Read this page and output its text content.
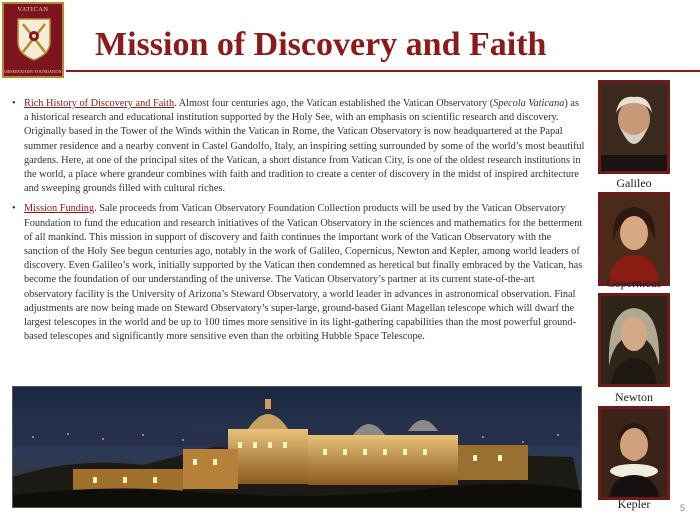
VATICAN
OBSERVATORY FOUNDATION
Mission of Discovery and Faith
• Rich History of Discovery and Faith. Almost four centuries ago, the Vatican established the Vatican Observatory (Specola Vaticana) as a historical research and educational institution supported by the Holy See, with an emphasis on scientific research and discovery. Originally based in the Tower of the Winds within the Vatican in Rome, the Vatican Observatory is now headquartered at the Papal summer residence and a nearby convent in Castel Gandolfo, Italy, an inspiring setting surrounded by some of the world’s most beautiful gardens. Here, at one of the principal sites of the Vatican, a short distance from Vatican City, is one of the oldest research institutions in the world, a place where grandeur combines with faith and tradition to create a center of discovery in the midst of inspired architecture and sweeping grounds filled with cultural riches.
• Mission Funding. Sale proceeds from Vatican Observatory Foundation Collection products will be used by the Vatican Observatory Foundation to fund the education and research initiatives of the Vatican Observatory in the sciences and mathematics for the betterment of all mankind. This mission in support of discovery and faith continues the important work of the Vatican Observatory with the sanction of the Holy See begun centuries ago, notably in the work of Galileo, Copernicus, Newton and Kepler, among world leaders of discovery. Even Galileo’s work, initially supported by the Vatican then condemned as heretical but finally embraced by the Vatican, has become the foundation of our understanding of the universe. The Vatican Observatory’s partner at its current state-of-the-art observatory facility is the University of Arizona’s Steward Observatory, a world leader in advances in astronomical observation. Final adjustments are now being made on Steward Observatory’s super-large, ground-based Giant Magellan telescope which will dwarf the largest telescopes in the world and be up to 100 times more sensitive in its light-gathering capabilities than the most powerful ground-based telescopes and significantly more sensitive even than the orbiting Hubble Space Telescope.
Galileo
Copernicus
Newton
Kepler	5
